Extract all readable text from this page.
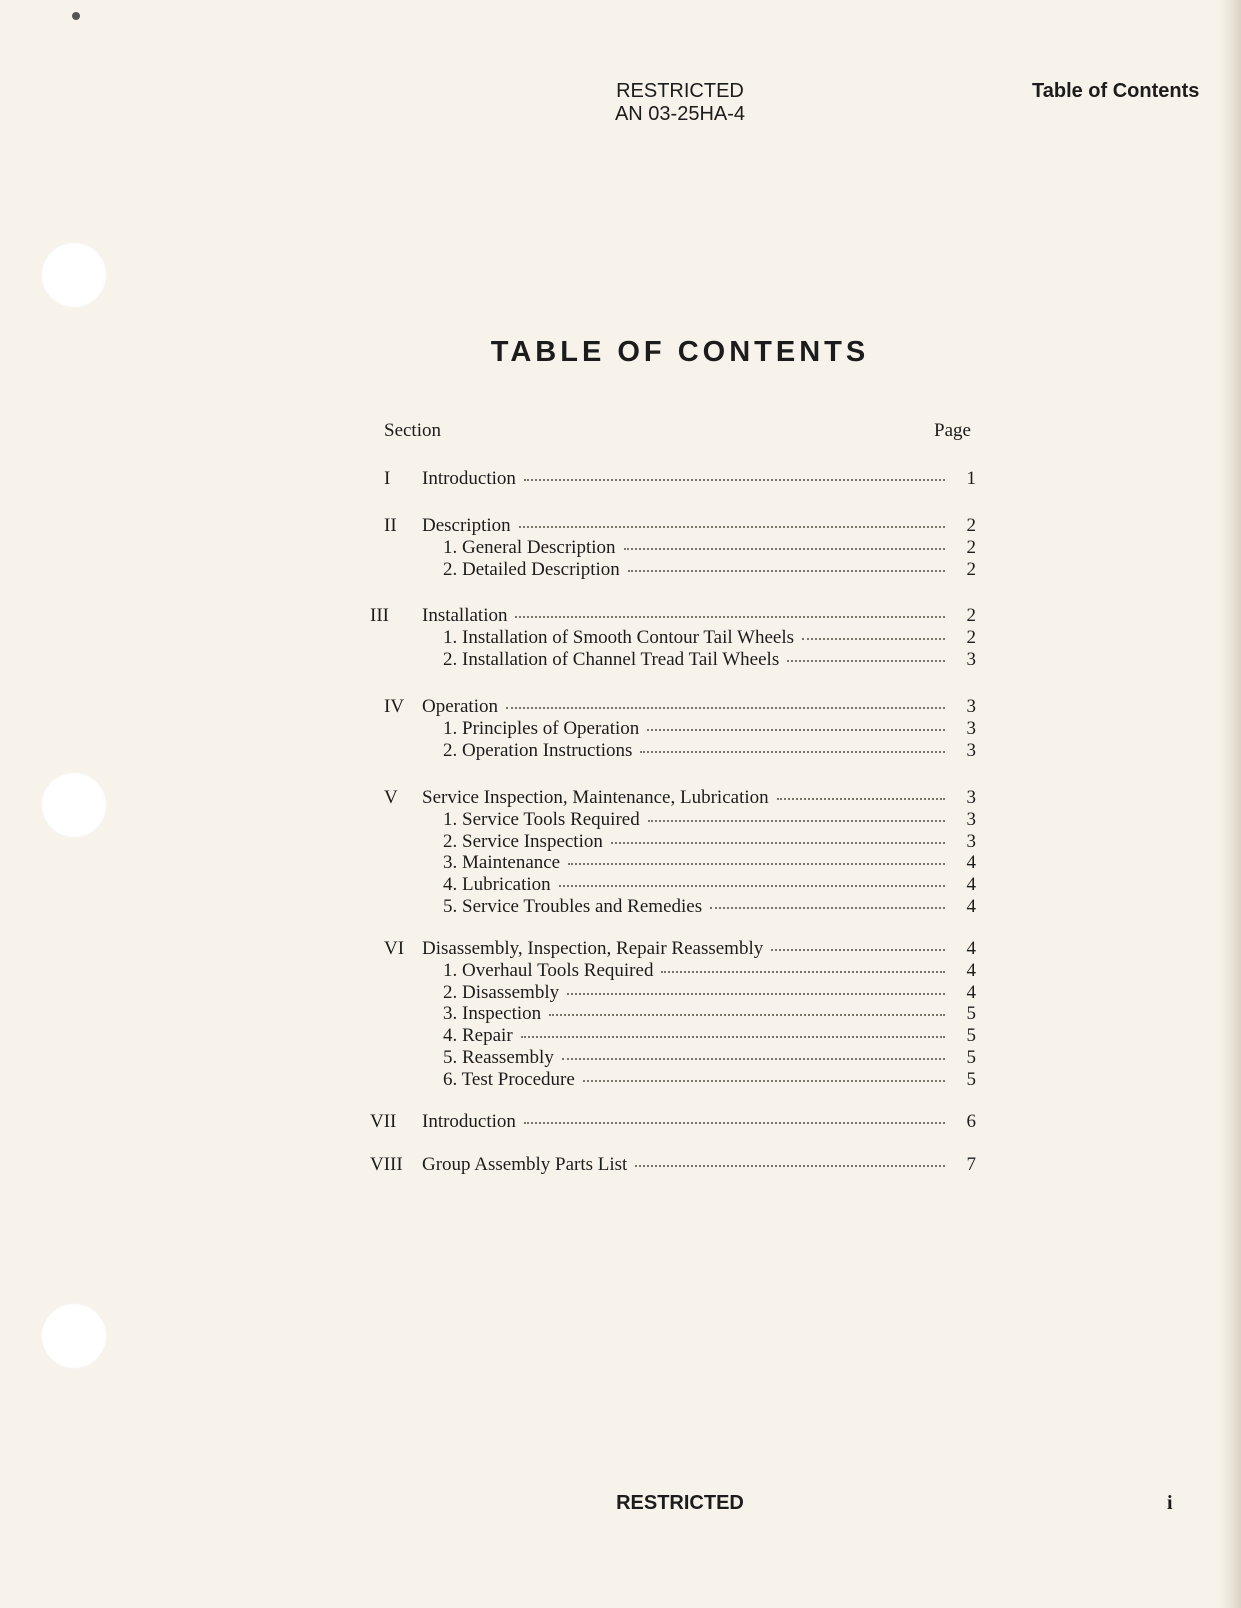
RESTRICTED
AN 03-25HA-4
Table of Contents
TABLE OF CONTENTS
Section	Page
I	Introduction	1
II	Description	2
1. General Description	2
2. Detailed Description	2
III	Installation	2
1. Installation of Smooth Contour Tail Wheels	2
2. Installation of Channel Tread Tail Wheels	3
IV Operation	3
1. Principles of Operation	3
2. Operation Instructions	3
V	Service Inspection, Maintenance, Lubrication	3
1. Service Tools Required	3
2. Service Inspection	3
3. Maintenance	4
4. Lubrication	4
5. Service Troubles and Remedies	4
VI Disassembly, Inspection, Repair Reassembly	4
1. Overhaul Tools Required	4
2. Disassembly	4
3. Inspection	5
4. Repair	5
5. Reassembly	5
6. Test Procedure	5
VII	Introduction	6
VIII	Group Assembly Parts List	7
RESTRICTED	i
